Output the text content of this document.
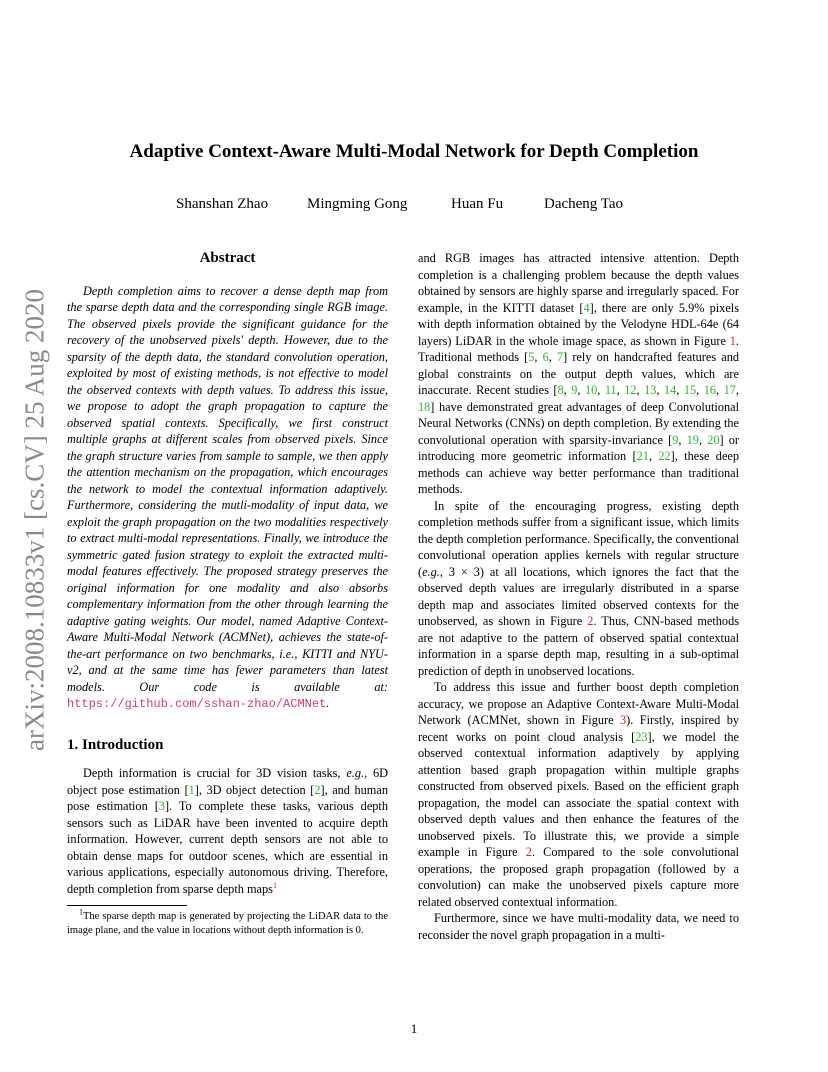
arXiv:2008.10833v1 [cs.CV] 25 Aug 2020
Adaptive Context-Aware Multi-Modal Network for Depth Completion
Shanshan Zhao	Mingming Gong	Huan Fu	Dacheng Tao
Abstract

Depth completion aims to recover a dense depth map from the sparse depth data and the corresponding single RGB image. The observed pixels provide the significant guidance for the recovery of the unobserved pixels' depth. However, due to the sparsity of the depth data, the standard convolution operation, exploited by most of existing methods, is not effective to model the observed contexts with depth values. To address this issue, we propose to adopt the graph propagation to capture the observed spatial contexts. Specifically, we first construct multiple graphs at different scales from observed pixels. Since the graph structure varies from sample to sample, we then apply the attention mechanism on the propagation, which encourages the network to model the contextual information adaptively. Furthermore, considering the mutli-modality of input data, we exploit the graph propagation on the two modalities respectively to extract multi-modal representations. Finally, we introduce the symmetric gated fusion strategy to exploit the extracted multi-modal features effectively. The proposed strategy preserves the original information for one modality and also absorbs complementary information from the other through learning the adaptive gating weights. Our model, named Adaptive Context-Aware Multi-Modal Network (ACMNet), achieves the state-of-the-art performance on two benchmarks, i.e., KITTI and NYU-v2, and at the same time has fewer parameters than latest models. Our code is available at: https://github.com/sshan-zhao/ACMNet.

1. Introduction

Depth information is crucial for 3D vision tasks, e.g., 6D object pose estimation [1], 3D object detection [2], and human pose estimation [3]. To complete these tasks, various depth sensors such as LiDAR have been invented to acquire depth information. However, current depth sensors are not able to obtain dense maps for outdoor scenes, which are essential in various applications, especially autonomous driving. Therefore, depth completion from sparse depth maps$^1$

$^1$The sparse depth map is generated by projecting the LiDAR data to the image plane, and the value in locations without depth information is 0.

and RGB images has attracted intensive attention. Depth completion is a challenging problem because the depth values obtained by sensors are highly sparse and irregularly spaced. For example, in the KITTI dataset [4], there are only 5.9% pixels with depth information obtained by the Velodyne HDL-64e (64 layers) LiDAR in the whole image space, as shown in Figure 1. Traditional methods [5, 6, 7] rely on handcrafted features and global constraints on the output depth values, which are inaccurate. Recent studies [8, 9, 10, 11, 12, 13, 14, 15, 16, 17, 18] have demonstrated great advantages of deep Convolutional Neural Networks (CNNs) on depth completion. By extending the convolutional operation with sparsity-invariance [9, 19, 20] or introducing more geometric information [21, 22], these deep methods can achieve way better performance than traditional methods.

In spite of the encouraging progress, existing depth completion methods suffer from a significant issue, which limits the depth completion performance. Specifically, the conventional convolutional operation applies kernels with regular structure (e.g., 3 × 3) at all locations, which ignores the fact that the observed depth values are irregularly distributed in a sparse depth map and associates limited observed contexts for the unobserved, as shown in Figure 2. Thus, CNN-based methods are not adaptive to the pattern of observed spatial contextual information in a sparse depth map, resulting in a sub-optimal prediction of depth in unobserved locations.

To address this issue and further boost depth completion accuracy, we propose an Adaptive Context-Aware Multi-Modal Network (ACMNet, shown in Figure 3). Firstly, inspired by recent works on point cloud analysis [23], we model the observed contextual information adaptively by applying attention based graph propagation within multiple graphs constructed from observed pixels. Based on the efficient graph propagation, the model can associate the spatial context with observed depth values and then enhance the features of the unobserved pixels. To illustrate this, we provide a simple example in Figure 2. Compared to the sole convolutional operations, the proposed graph propagation (followed by a convolution) can make the unobserved pixels capture more related observed contextual information.

Furthermore, since we have multi-modality data, we need to reconsider the novel graph propagation in a multi-

1
